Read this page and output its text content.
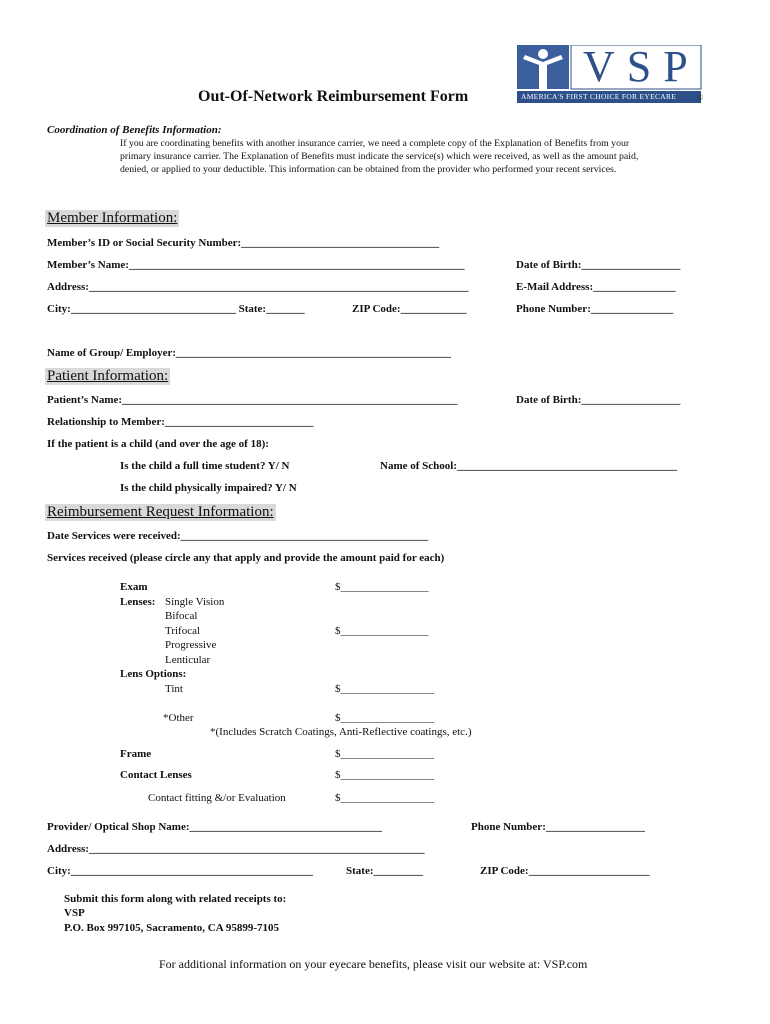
VSP
AMERICA'S FIRST CHOICE FOR EYECARE	®
Out-Of-Network Reimbursement Form
Coordination of Benefits Information:
If you are coordinating benefits with another insurance carrier, we need a complete copy of the Explanation of Benefits from your
primary insurance carrier. The Explanation of Benefits must indicate the service(s) which were received, as well as the amount paid,
denied, or applied to your deductible. This information can be obtained from the provider who performed your recent services.
Member Information:
Member’s ID or Social Security Number:____________________________________
Member’s Name:_____________________________________________________________	Date of Birth:__________________
Address:_____________________________________________________________________	E-Mail Address:_______________
City:______________________________ State:_______	ZIP Code:____________	Phone Number:_______________
Name of Group/ Employer:__________________________________________________
Patient Information:
Patient’s Name:_____________________________________________________________	Date of Birth:__________________
Relationship to Member:___________________________
If the patient is a child (and over the age of 18):
Is the child a full time student? Y/ N	Name of School:________________________________________
Is the child physically impaired? Y/ N
Reimbursement Request Information:
Date Services were received:_____________________________________________
Services received (please circle any that apply and provide the amount paid for each)
Exam	$________________
Lenses: Single Vision
Bifocal
Trifocal	$________________
Progressive
Lenticular
Lens Options:
Tint	$_________________
*Other	$_________________
*(Includes Scratch Coatings, Anti-Reflective coatings, etc.)
Frame	$_________________
Contact Lenses	$_________________
Contact fitting &/or Evaluation	$_________________
Provider/ Optical Shop Name:___________________________________	Phone Number:__________________
Address:_____________________________________________________________
City:____________________________________________	State:_________	ZIP Code:______________________
Submit this form along with related receipts to:
VSP
P.O. Box 997105, Sacramento, CA 95899-7105
For additional information on your eyecare benefits, please visit our website at: VSP.com
